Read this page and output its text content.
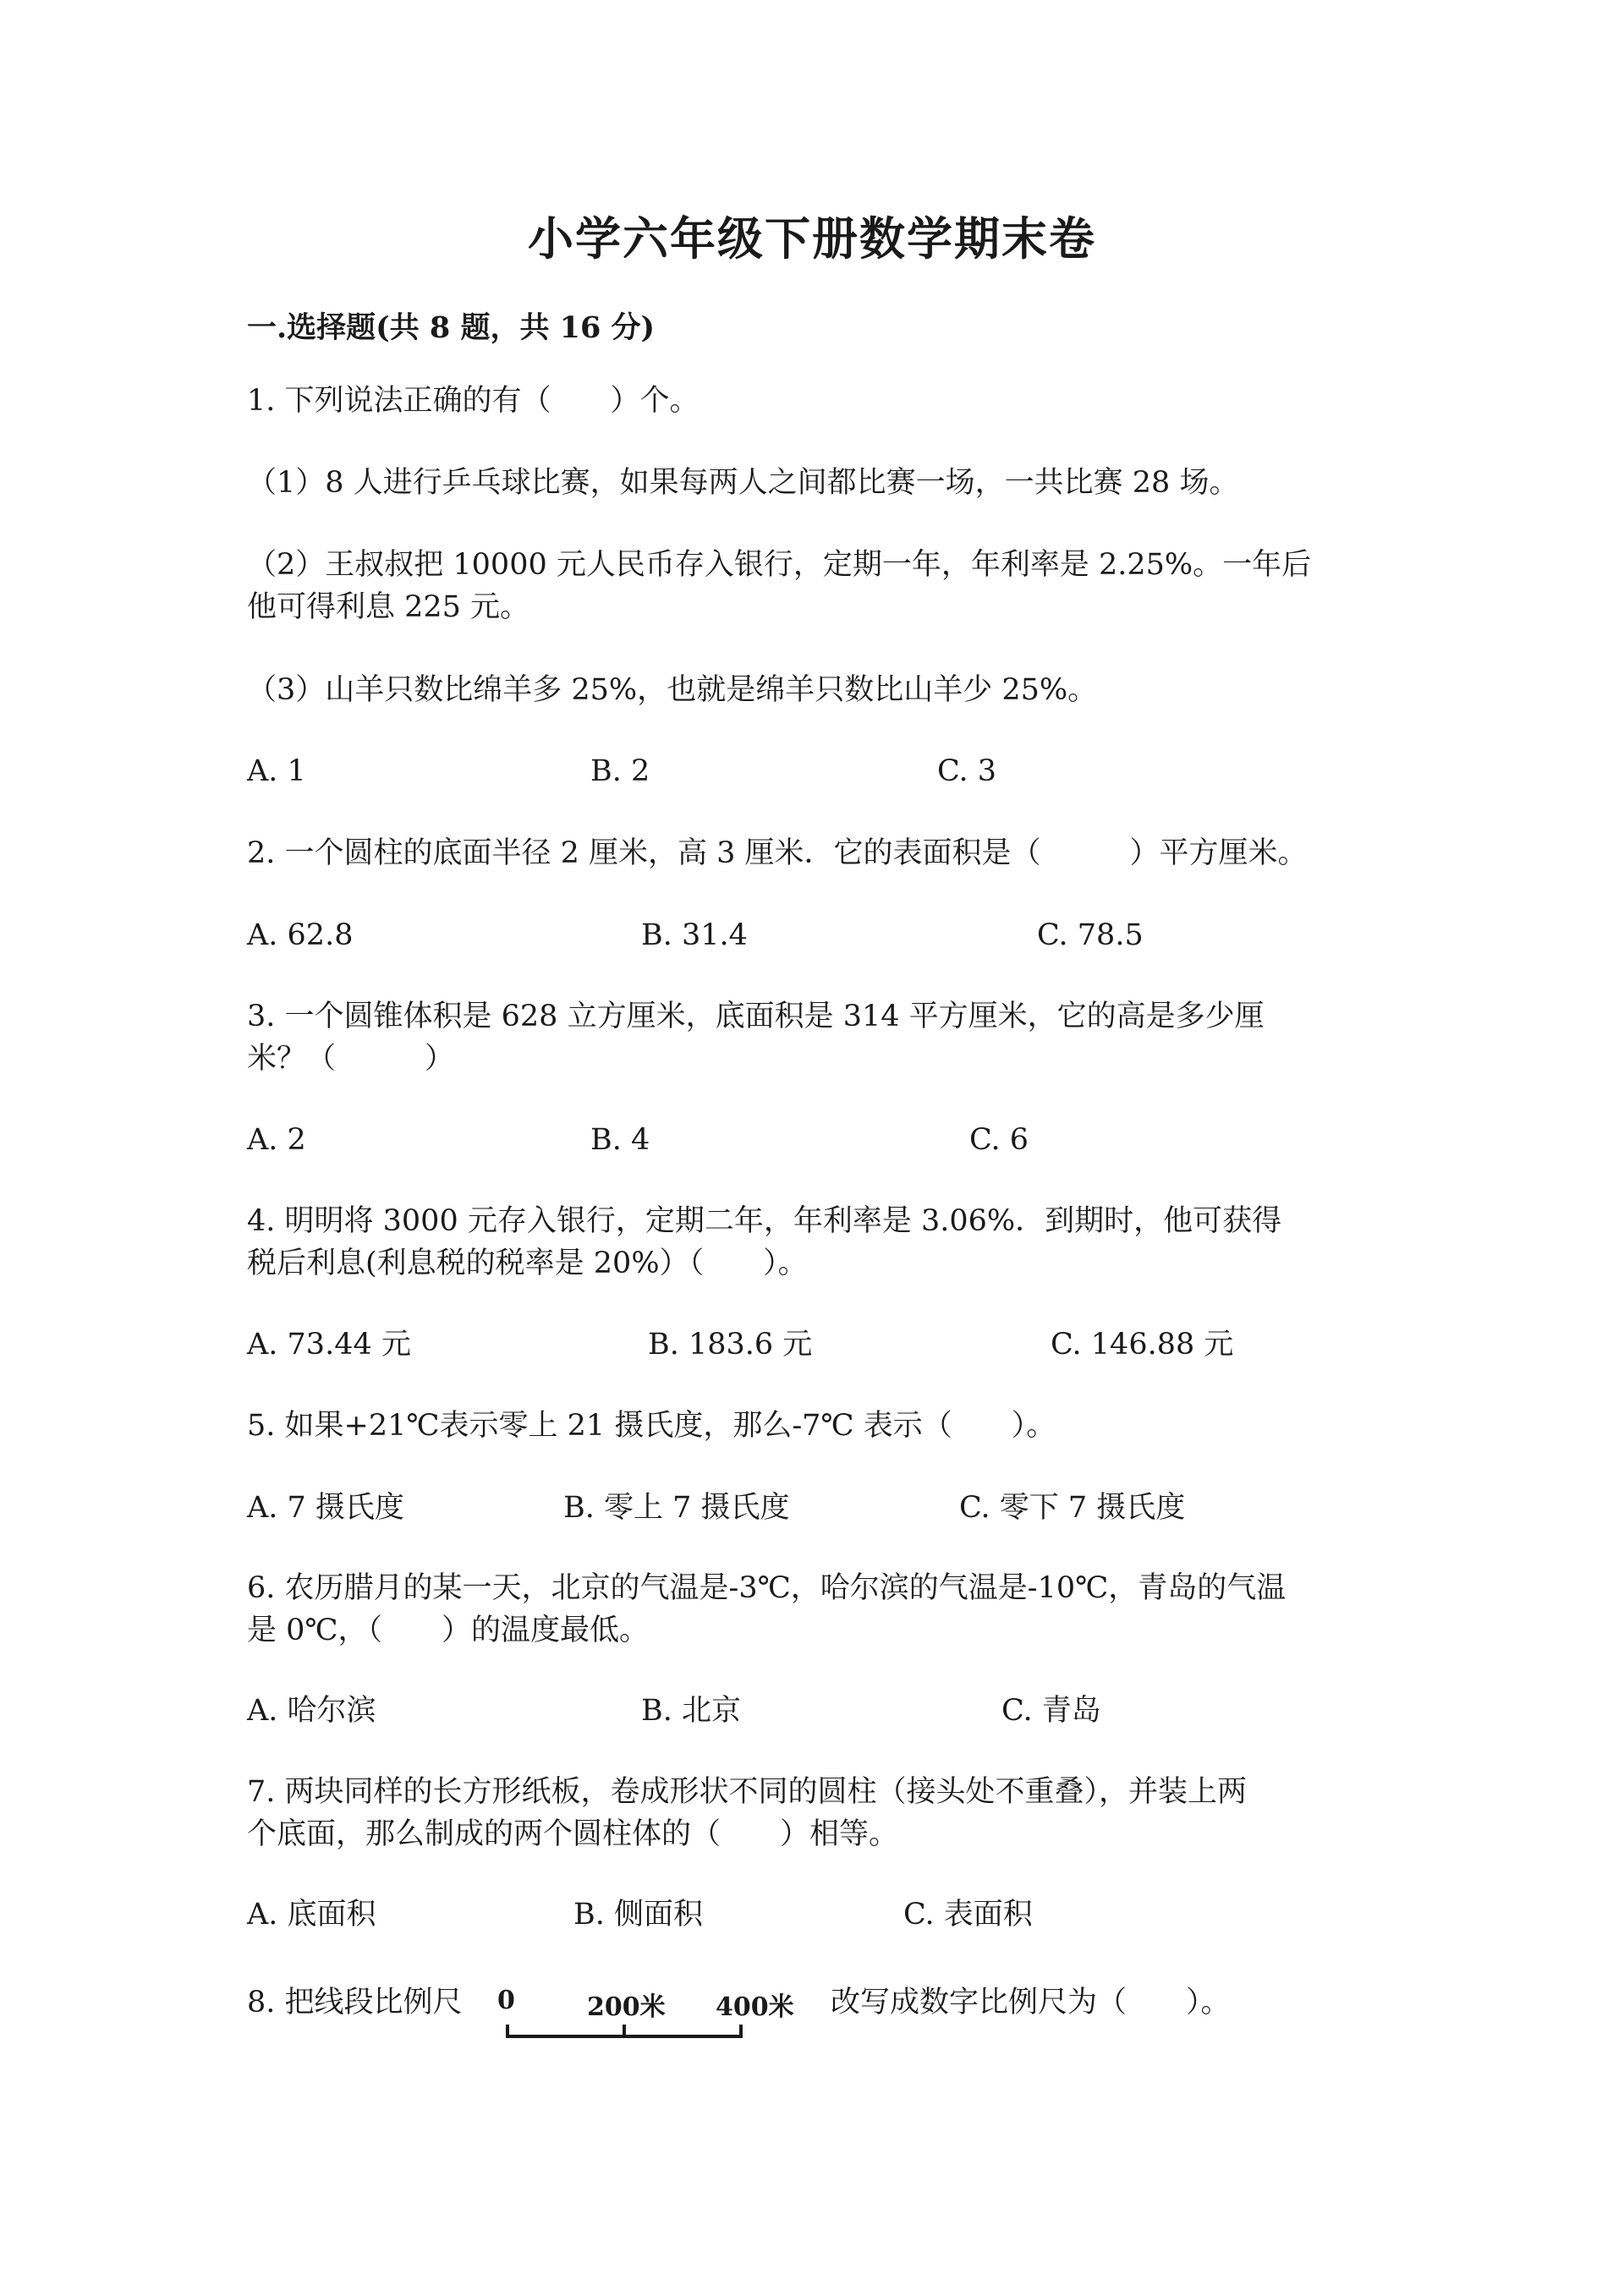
小学六年级下册数学期末卷
一.选择题(共 8 题，共 16 分)
1. 下列说法正确的有（　　）个。
（1）8 人进行乒乓球比赛，如果每两人之间都比赛一场，一共比赛 28 场。
（2）王叔叔把 10000 元人民币存入银行，定期一年，年利率是 2.25%。一年后
他可得利息 225 元。
（3）山羊只数比绵羊多 25%，也就是绵羊只数比山羊少 25%。
A. 1	B. 2	C. 3
2. 一个圆柱的底面半径 2 厘米，高 3 厘米．它的表面积是（　　　）平方厘米。
A. 62.8	B. 31.4	C. 78.5
3. 一个圆锥体积是 628 立方厘米，底面积是 314 平方厘米，它的高是多少厘
米？（　　　）
A. 2	B. 4	C. 6
4. 明明将 3000 元存入银行，定期二年，年利率是 3.06%．到期时，他可获得
税后利息(利息税的税率是 20%）（　　）。
A. 73.44 元	B. 183.6 元	C. 146.88 元
5. 如果+21℃表示零上 21 摄氏度，那么-7℃ 表示（　　）。
A. 7 摄氏度	B. 零上 7 摄氏度	C. 零下 7 摄氏度
6. 农历腊月的某一天，北京的气温是-3℃，哈尔滨的气温是-10℃，青岛的气温
是 0℃，（　　）的温度最低。
A. 哈尔滨	B. 北京	C. 青岛
7. 两块同样的长方形纸板，卷成形状不同的圆柱（接头处不重叠），并装上两
个底面，那么制成的两个圆柱体的（　　）相等。
A. 底面积	B. 侧面积	C. 表面积
8. 把线段比例尺 0	200米 400米 改写成数字比例尺为（　　）。
